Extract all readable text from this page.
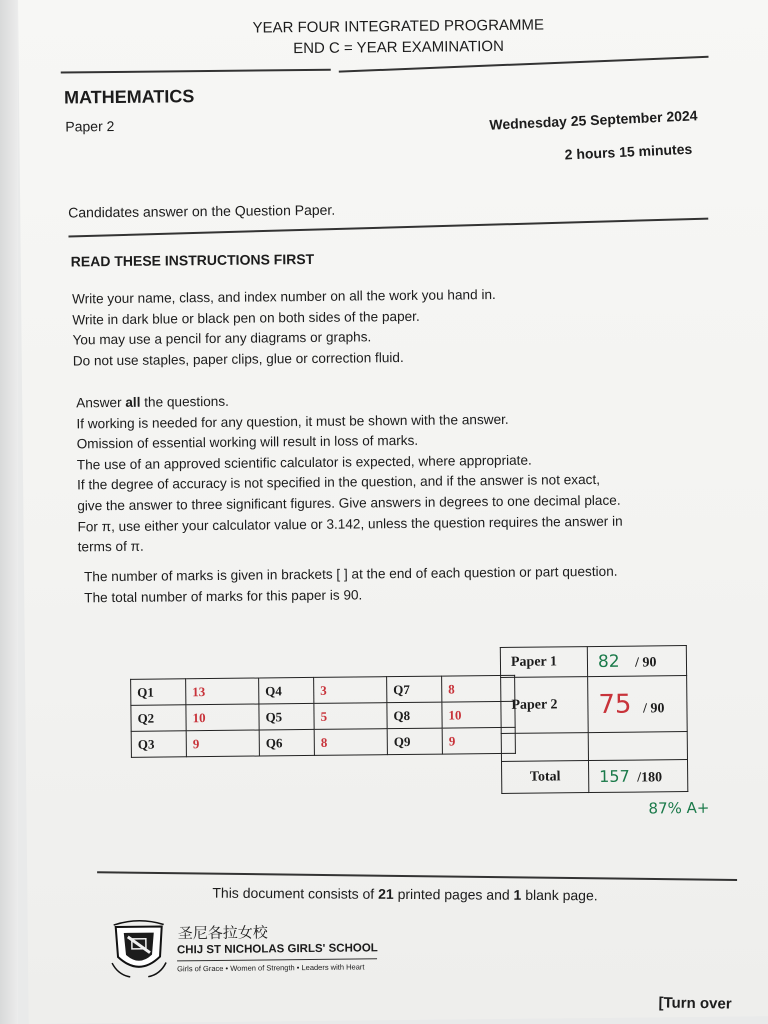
YEAR FOUR INTEGRATED PROGRAMME
END C = YEAR EXAMINATION
MATHEMATICS
Paper 2	Wednesday 25 September 2024
2 hours 15 minutes
Candidates answer on the Question Paper.
READ THESE INSTRUCTIONS FIRST
Write your name, class, and index number on all the work you hand in.
Write in dark blue or black pen on both sides of the paper.
You may use a pencil for any diagrams or graphs.
Do not use staples, paper clips, glue or correction fluid.
Answer all the questions.
If working is needed for any question, it must be shown with the answer.
Omission of essential working will result in loss of marks.
The use of an approved scientific calculator is expected, where appropriate.
If the degree of accuracy is not specified in the question, and if the answer is not exact,
give the answer to three significant figures. Give answers in degrees to one decimal place.
For π, use either your calculator value or 3.142, unless the question requires the answer in
terms of π.
The number of marks is given in brackets [ ] at the end of each question or part question.
The total number of marks for this paper is 90.
Q1	13	Q4	3	Q7	8
Q2	10	Q5	5	Q8	10
Q3	9	Q6	8	Q9	9
Paper 1	82 / 90
Paper 2	75 / 90

Total	157 /180
87% A+
This document consists of 21 printed pages and 1 blank page.
圣尼各拉女校
CHIJ ST NICHOLAS GIRLS' SCHOOL
Girls of Grace • Women of Strength • Leaders with Heart
[Turn over
